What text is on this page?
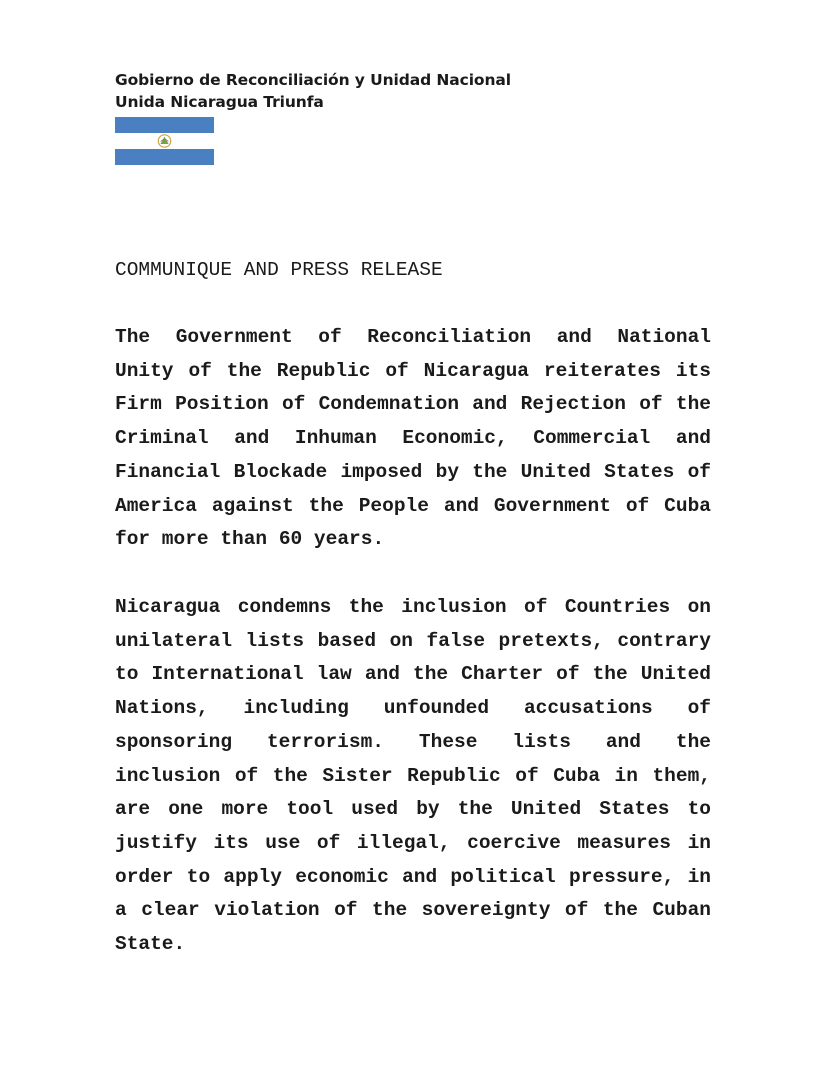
Gobierno de Reconciliación y Unidad Nacional
Unida Nicaragua Triunfa
COMMUNIQUE AND PRESS RELEASE
The Government of Reconciliation and National Unity of the Republic of Nicaragua reiterates its Firm Position of Condemnation and Rejection of the Criminal and Inhuman Economic, Commercial and Financial Blockade imposed by the United States of America against the People and Government of Cuba for more than 60 years.
Nicaragua condemns the inclusion of Countries on unilateral lists based on false pretexts, contrary to International law and the Charter of the United Nations, including unfounded accusations of sponsoring terrorism. These lists and the inclusion of the Sister Republic of Cuba in them, are one more tool used by the United States to justify its use of illegal, coercive measures in order to apply economic and political pressure, in a clear violation of the sovereignty of the Cuban State.
